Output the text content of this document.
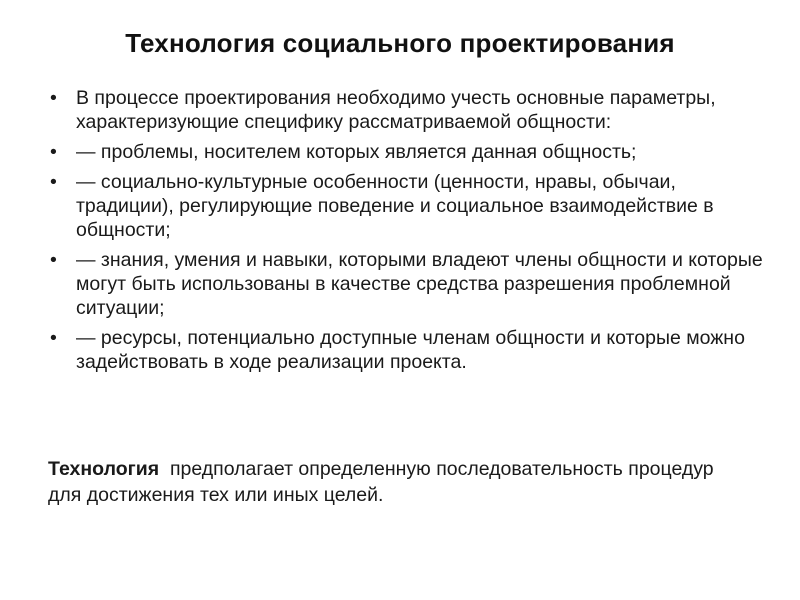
Технология социального проектирования
• В процессе проектирования необходимо учесть основные параметры, характеризующие специфику рассматриваемой общности:
• — проблемы, носителем которых является данная общность;
• — социально-культурные особенности (ценности, нравы, обычаи, традиции), регулирующие поведение и социальное взаимодействие в общности;
• — знания, умения и навыки, которыми владеют члены общности и которые могут быть использованы в качестве средства разрешения проблемной ситуации;
• — ресурсы, потенциально доступные членам общности и которые можно задействовать в ходе реализации проекта.
Технология  предполагает определенную последовательность процедур для достижения тех или иных целей.
